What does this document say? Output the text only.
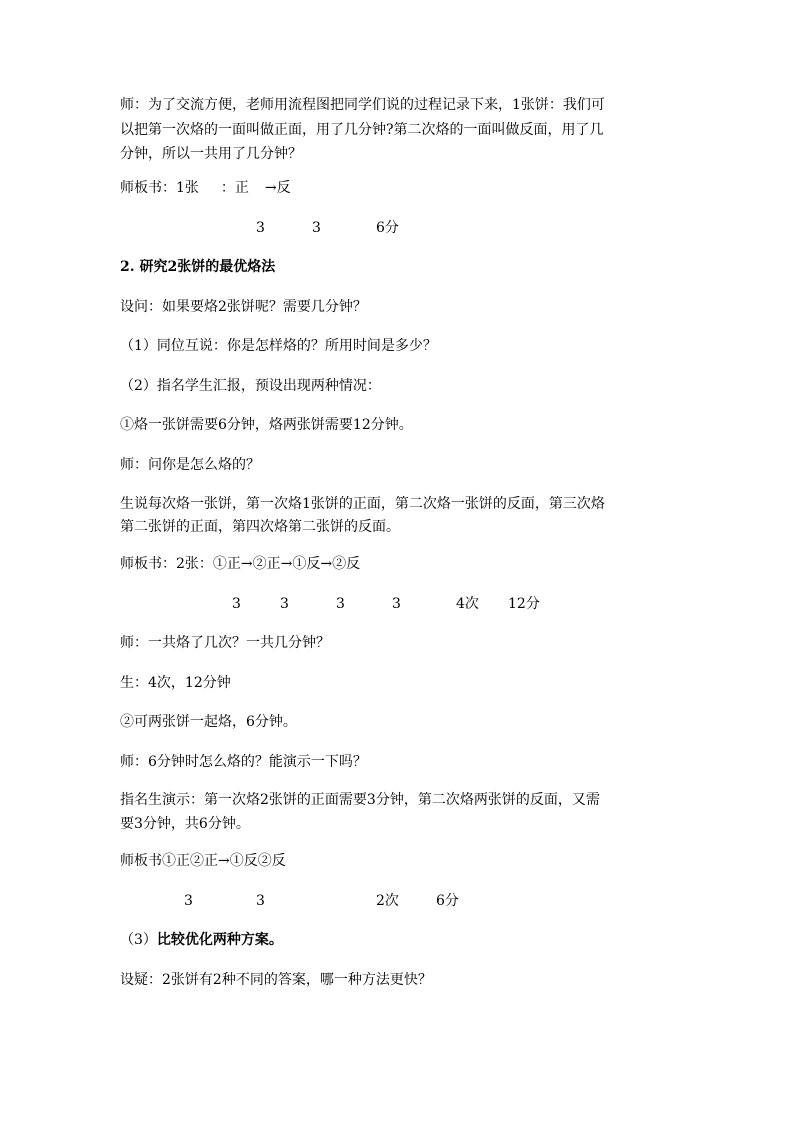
师：为了交流方便，老师用流程图把同学们说的过程记录下来，1张饼：我们可
以把第一次烙的一面叫做正面，用了几分钟?第二次烙的一面叫做反面，用了几
分钟，所以一共用了几分钟？
师板书：1张 ：正 →反
3	3	6分
2. 研究2张饼的最优烙法
设问：如果要烙2张饼呢？需要几分钟？
（1）同位互说：你是怎样烙的？所用时间是多少？
（2）指名学生汇报，预设出现两种情况：
①烙一张饼需要6分钟，烙两张饼需要12分钟。
师：问你是怎么烙的？
生说每次烙一张饼，第一次烙1张饼的正面，第二次烙一张饼的反面，第三次烙
第二张饼的正面，第四次烙第二张饼的反面。
师板书：2张：①正→②正→①反→②反
3	3	3	3	4次 12分
师：一共烙了几次？一共几分钟？
生：4次，12分钟
②可两张饼一起烙，6分钟。
师：6分钟时怎么烙的？能演示一下吗？
指名生演示：第一次烙2张饼的正面需要3分钟，第二次烙两张饼的反面，又需
要3分钟，共6分钟。
师板书①正②正→①反②反
3	3	2次	6分
（3）比较优化两种方案。
设疑：2张饼有2种不同的答案，哪一种方法更快？
